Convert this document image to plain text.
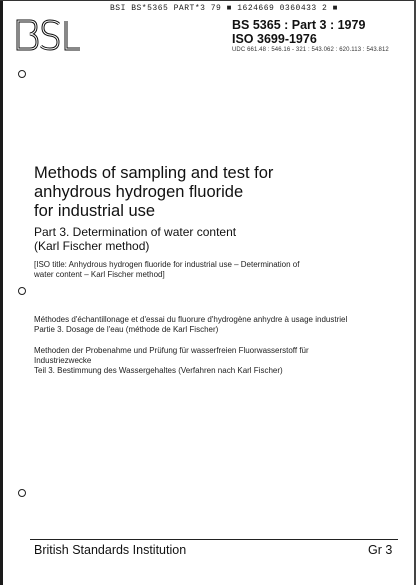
BSI BS*5365 PART*3 79 ■ 1624669 0360433 2 ■
BS 5365 : Part 3 : 1979
ISO 3699-1976
UDC 661.48 : 546.16 - 321 : 543.062 : 620.113 : 543.812
Methods of sampling and test for
anhydrous hydrogen fluoride
for industrial use
Part 3. Determination of water content
(Karl Fischer method)
[ISO title: Anhydrous hydrogen fluoride for industrial use – Determination of
water content – Karl Fischer method]
Méthodes d'échantillonage et d'essai du fluorure d'hydrogène anhydre à usage industriel
Partie 3. Dosage de l'eau (méthode de Karl Fischer)
Methoden der Probenahme und Prüfung für wasserfreien Fluorwasserstoff für
Industriezwecke
Teil 3. Bestimmung des Wassergehaltes (Verfahren nach Karl Fischer)
British Standards Institution	Gr 3
